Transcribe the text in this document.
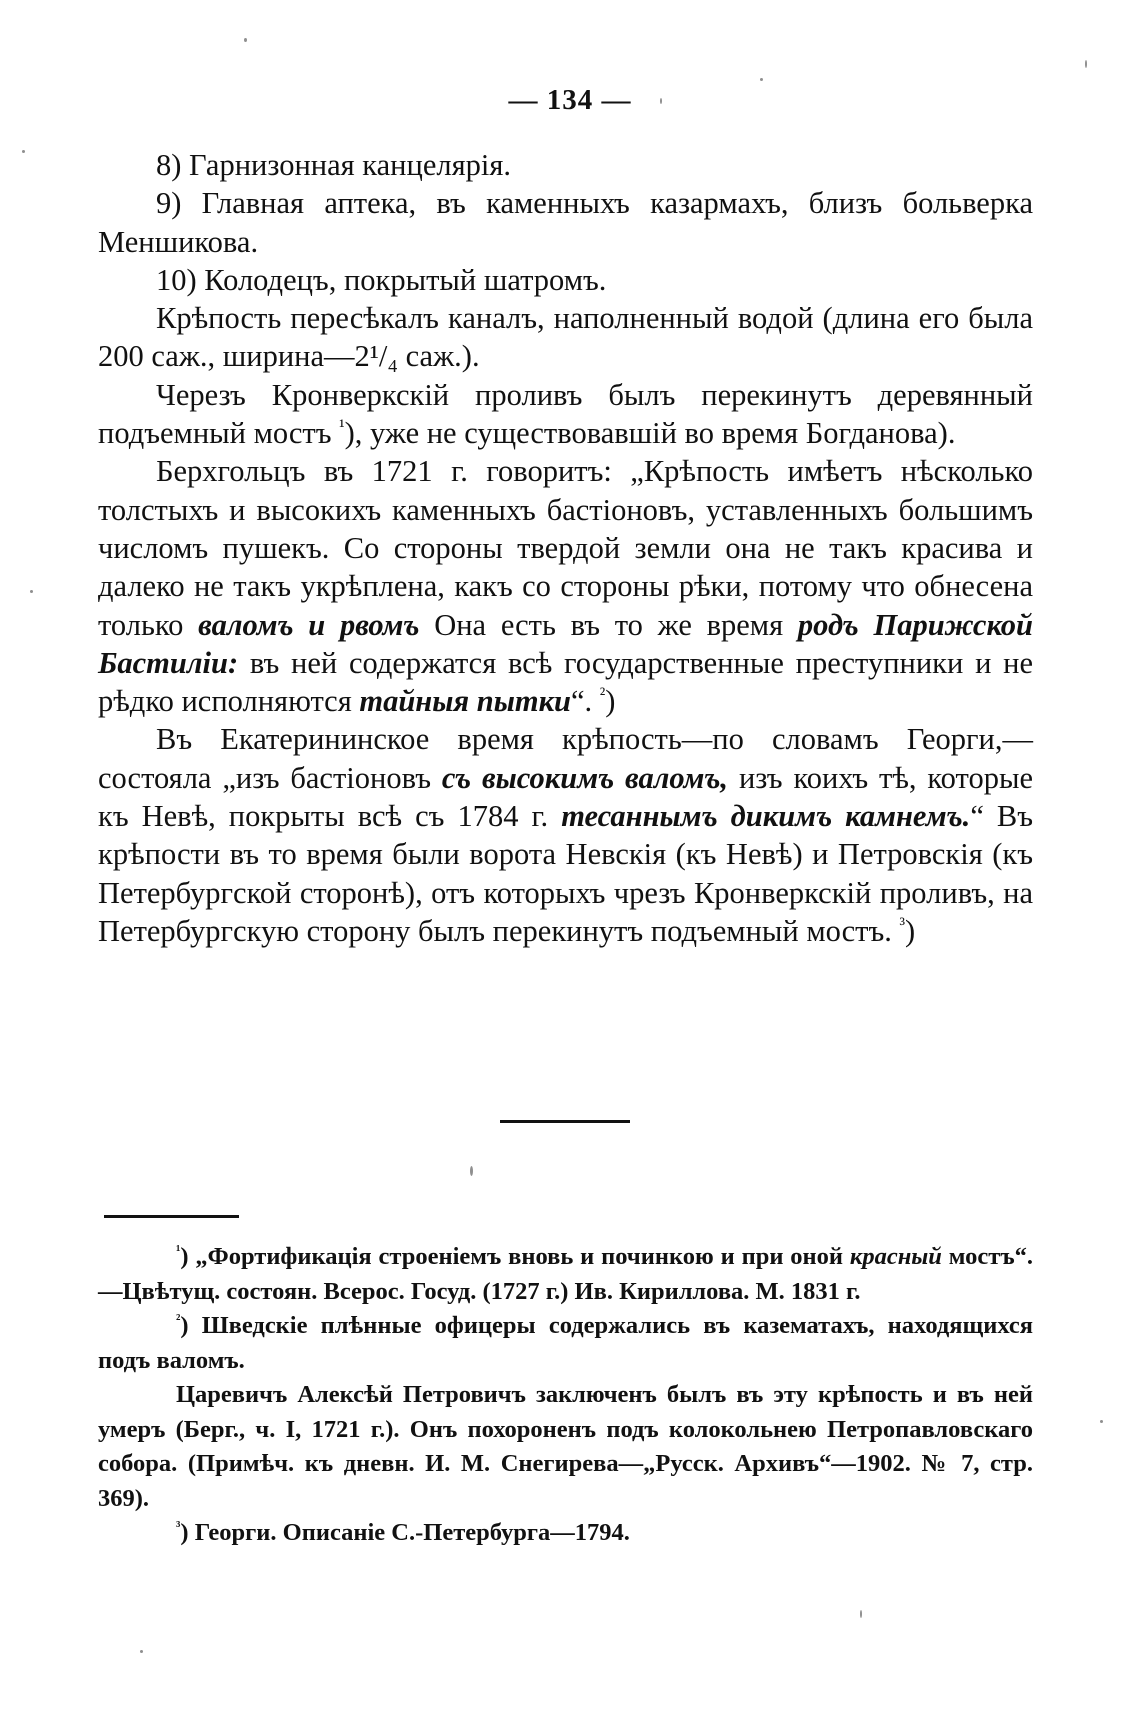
— 134 —

8) Гарнизонная канцелярiя.

9) Главная аптека, въ каменныхъ казармахъ, близъ больверка Меншикова.

10) Колодецъ, покрытый шатромъ.

Крѣпость пересѣкалъ каналъ, наполненный водой (длина его была 200 саж., ширина—2¹/₄ саж.).

Черезъ Кронверкскiй проливъ былъ перекинутъ деревянный подъемный мостъ $^{^1}$), уже не существовавшiй во время Богданова).

Берхгольцъ въ 1721 г. говоритъ: „Крѣпость имѣетъ нѣсколько толстыхъ и высокихъ каменныхъ бастiоновъ, уставленныхъ большимъ числомъ пушекъ. Со стороны твердой земли она не такъ красива и далеко не такъ укрѣплена, какъ со стороны рѣки, потому что обнесена только валомъ и рвомъ Она есть въ то же время родъ Парижской Бастилiи: въ ней содержатся всѣ государственные преступники и не рѣдко исполняются тайныя пытки“. $^{^2}$)

Въ Екатерининское время крѣпость—по словамъ Георги,—состояла „изъ бастiоновъ съ высокимъ валомъ, изъ коихъ тѣ, которые къ Невѣ, покрыты всѣ съ 1784 г. тесаннымъ дикимъ камнемъ.“ Въ крѣпости въ то время были ворота Невскiя (къ Невѣ) и Петровскiя (къ Петербургской сторонѣ), отъ которыхъ чрезъ Кронверкскiй проливъ, на Петербургскую сторону былъ перекинутъ подъемный мостъ. $^{^3}$)

$^{^1}$) „Фортификацiя строенiемъ вновь и починкою и при оной красный мостъ“.—Цвѣтущ. состоян. Всерос. Госуд. (1727 г.) Ив. Кириллова. М. 1831 г.

$^{^2}$) Шведскiе плѣнные офицеры содержались въ казематахъ, находящихся подъ валомъ.

Царевичъ Алексѣй Петровичъ заключенъ былъ въ эту крѣпость и въ ней умеръ (Берг., ч. I, 1721 г.). Онъ похороненъ подъ колокольнею Петропавловскаго собора. (Примѣч. къ дневн. И. М. Снегирева—„Русск. Архивъ“—1902. № 7, стр. 369).

$^{^3}$) Георги. Описанiе С.-Петербурга—1794.
